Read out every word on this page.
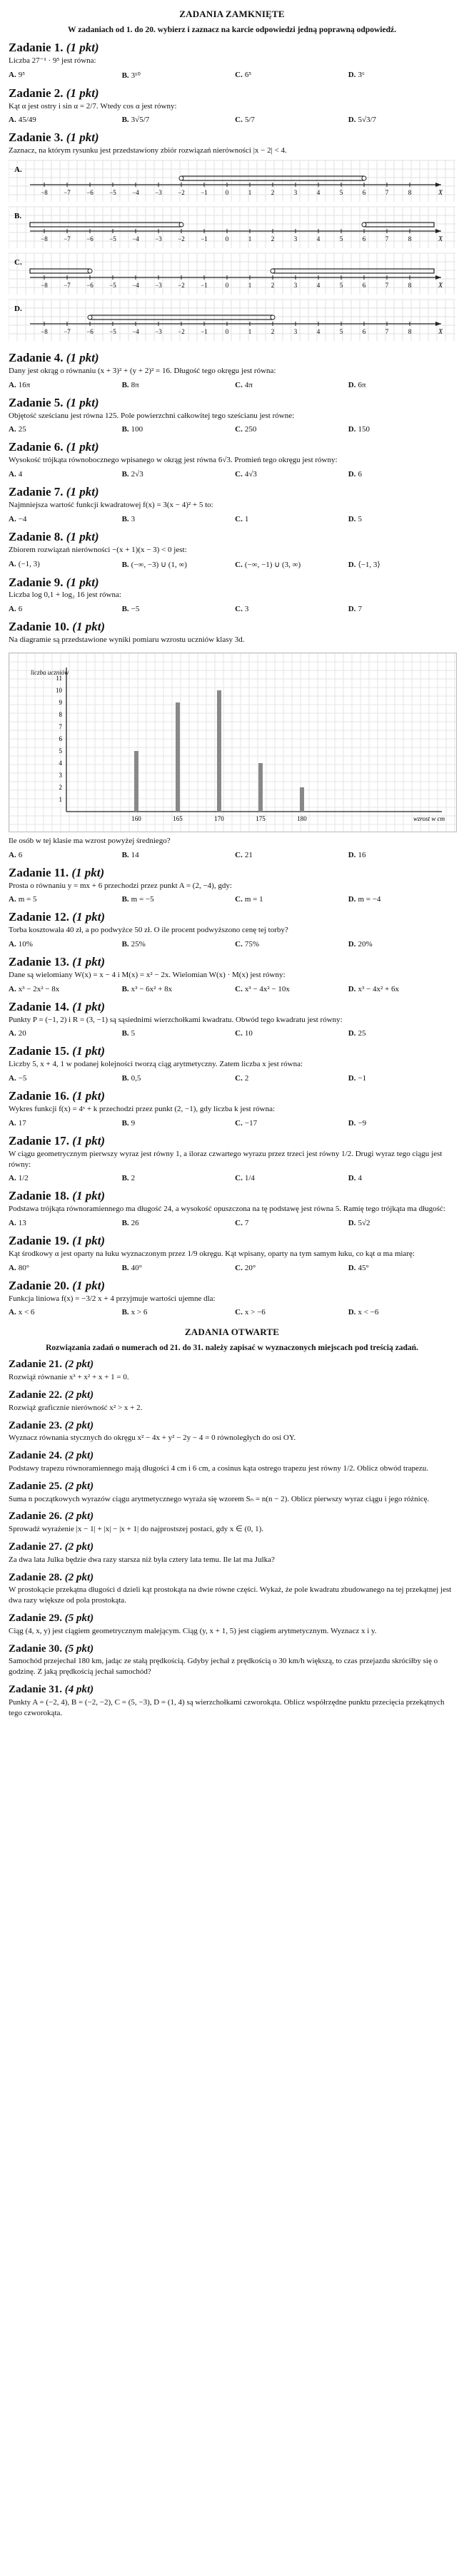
ZADANIA ZAMKNIĘTE
W zadaniach od 1. do 20. wybierz i zaznacz na karcie odpowiedzi jedną poprawną odpowiedź.
Zadanie 1. (1 pkt)
Liczba 27⁻¹ · 9⁵ jest równa:
A. 9⁵	B. 3¹⁰	C. 6⁵	D. 3⁶
Zadanie 2. (1 pkt)
Kąt α jest ostry i sin α = 2/7. Wtedy cos α jest równy:
A. 45/49	B. 3√5/7	C. 5/7	D. 5√3/7
Zadanie 3. (1 pkt)
Zaznacz, na którym rysunku jest przedstawiony zbiór rozwiązań nierówności |x − 2| < 4.
A.
−8 −7 −6 −5 −4 −3 −2 −1	0	1	2	3	4	5	6	7	8	X
B.
−8 −7 −6 −5 −4 −3 −2 −1	0	1	2	3	4	5	6	7	8	X
C.
−8 −7 −6 −5 −4 −3 −2 −1	0	1	2	3	4	5	6	7	8	X
D.
−8 −7 −6 −5 −4 −3 −2 −1	0	1	2	3	4	5	6	7	8	X
Zadanie 4. (1 pkt)
Dany jest okrąg o równaniu (x + 3)² + (y + 2)² = 16. Długość tego okręgu jest równa:
A. 16π	B. 8π	C. 4π	D. 6π
Zadanie 5. (1 pkt)
Objętość sześcianu jest równa 125. Pole powierzchni całkowitej tego sześcianu jest równe:
A. 25	B. 100	C. 250	D. 150
Zadanie 6. (1 pkt)
Wysokość trójkąta równobocznego wpisanego w okrąg jest równa 6√3. Promień tego okręgu jest równy:
A. 4	B. 2√3	C. 4√3	D. 6
Zadanie 7. (1 pkt)
Najmniejsza wartość funkcji kwadratowej f(x) = 3(x − 4)² + 5 to:
A. −4	B. 3	C. 1	D. 5
Zadanie 8. (1 pkt)
Zbiorem rozwiązań nierówności −(x + 1)(x − 3) < 0 jest:
A. (−1, 3)	B. (−∞, −3) ∪ (1, ∞)	C. (−∞, −1) ∪ (3, ∞)	D. ⟨−1, 3⟩
Zadanie 9. (1 pkt)
Liczba log 0,1 + log₂ 16 jest równa:
A. 6	B. −5	C. 3	D. 7
Zadanie 10. (1 pkt)
Na diagramie są przedstawione wyniki pomiaru wzrostu uczniów klasy 3d.
liczba uczniów
1
2
3
4
5
6
7
8
9
10
11
160	165	170	175	180	wzrost w cm
Ile osób w tej klasie ma wzrost powyżej średniego?
A. 6	B. 14	C. 21	D. 16
Zadanie 11. (1 pkt)
Prosta o równaniu y = mx + 6 przechodzi przez punkt A = (2, −4), gdy:
A. m = 5	B. m = −5	C. m = 1	D. m = −4
Zadanie 12. (1 pkt)
Torba kosztowała 40 zł, a po podwyżce 50 zł. O ile procent podwyższono cenę tej torby?
A. 10%	B. 25%	C. 75%	D. 20%
Zadanie 13. (1 pkt)
Dane są wielomiany W(x) = x − 4 i M(x) = x² − 2x. Wielomian W(x) · M(x) jest równy:
A. x³ − 2x² − 8x	B. x³ − 6x² + 8x	C. x³ − 4x² − 10x	D. x³ − 4x² + 6x
Zadanie 14. (1 pkt)
Punkty P = (−1, 2) i R = (3, −1) są sąsiednimi wierzchołkami kwadratu. Obwód tego kwadratu jest równy:
A. 20	B. 5	C. 10	D. 25
Zadanie 15. (1 pkt)
Liczby 5, x + 4, 1 w podanej kolejności tworzą ciąg arytmetyczny. Zatem liczba x jest równa:
A. −5	B. 0,5	C. 2	D. −1
Zadanie 16. (1 pkt)
Wykres funkcji f(x) = 4ˣ + k przechodzi przez punkt (2, −1), gdy liczba k jest równa:
A. 17	B. 9	C. −17	D. −9
Zadanie 17. (1 pkt)
W ciągu geometrycznym pierwszy wyraz jest równy 1, a iloraz czwartego wyrazu przez trzeci jest równy 1/2. Drugi wyraz tego ciągu jest równy:
A. 1/2	B. 2	C. 1/4	D. 4
Zadanie 18. (1 pkt)
Podstawa trójkąta równoramiennego ma długość 24, a wysokość opuszczona na tę podstawę jest równa 5. Ramię tego trójkąta ma długość:
A. 13	B. 26	C. 7	D. 5√2
Zadanie 19. (1 pkt)
Kąt środkowy α jest oparty na łuku wyznaczonym przez 1/9 okręgu. Kąt wpisany, oparty na tym samym łuku, co kąt α ma miarę:
A. 80°	B. 40°	C. 20°	D. 45°
Zadanie 20. (1 pkt)
Funkcja liniowa f(x) = −3/2 x + 4 przyjmuje wartości ujemne dla:
A. x < 6	B. x > 6	C. x > −6	D. x < −6
ZADANIA OTWARTE
Rozwiązania zadań o numerach od 21. do 31. należy zapisać w wyznaczonych miejscach pod treścią zadań.
Zadanie 21. (2 pkt)
Rozwiąż równanie x³ + x² + x + 1 = 0.
Zadanie 22. (2 pkt)
Rozwiąż graficznie nierówność x² > x + 2.
Zadanie 23. (2 pkt)
Wyznacz równania stycznych do okręgu x² − 4x + y² − 2y − 4 = 0 równoległych do osi OY.
Zadanie 24. (2 pkt)
Podstawy trapezu równoramiennego mają długości 4 cm i 6 cm, a cosinus kąta ostrego trapezu jest równy 1/2. Oblicz obwód trapezu.
Zadanie 25. (2 pkt)
Suma n początkowych wyrazów ciągu arytmetycznego wyraża się wzorem Sₙ = n(n − 2). Oblicz pierwszy wyraz ciągu i jego różnicę.
Zadanie 26. (2 pkt)
Sprowadź wyrażenie |x − 1| + |x| − |x + 1| do najprostszej postaci, gdy x ∈ (0, 1).
Zadanie 27. (2 pkt)
Za dwa lata Julka będzie dwa razy starsza niż była cztery lata temu. Ile lat ma Julka?
Zadanie 28. (2 pkt)
W prostokącie przekątna długości d dzieli kąt prostokąta na dwie równe części. Wykaż, że pole kwadratu zbudowanego na tej przekątnej jest dwa razy większe od pola prostokąta.
Zadanie 29. (5 pkt)
Ciąg (4, x, y) jest ciągiem geometrycznym malejącym. Ciąg (y, x + 1, 5) jest ciągiem arytmetycznym. Wyznacz x i y.
Zadanie 30. (5 pkt)
Samochód przejechał 180 km, jadąc ze stałą prędkością. Gdyby jechał z prędkością o 30 km/h większą, to czas przejazdu skróciłby się o godzinę. Z jaką prędkością jechał samochód?
Zadanie 31. (4 pkt)
Punkty A = (−2, 4), B = (−2, −2), C = (5, −3), D = (1, 4) są wierzchołkami czworokąta. Oblicz współrzędne punktu przecięcia przekątnych tego czworokąta.
